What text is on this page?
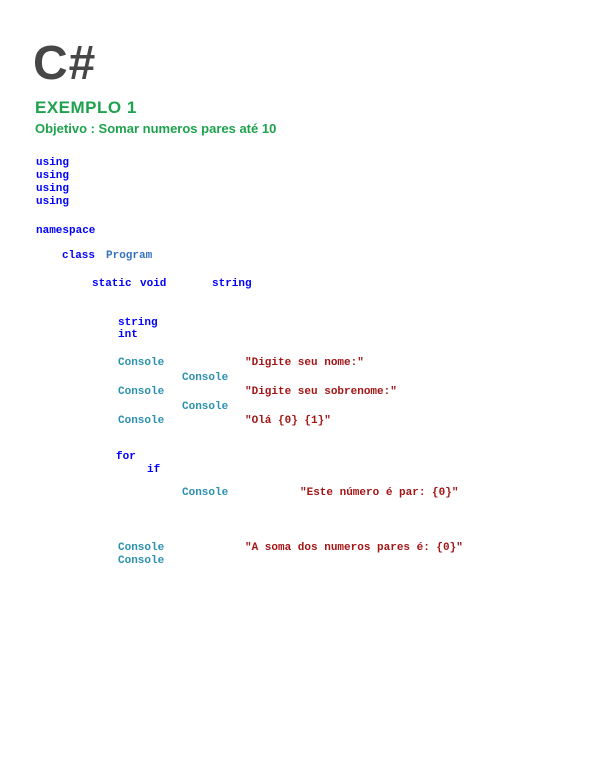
C#
EXEMPLO 1
Objetivo : Somar numeros pares até 10
using
using
using
using
namespace
class Program
static void	string
string
int
Console	"Digite seu nome:"
Console
Console	"Digite seu sobrenome:"
Console
Console	"Olá {0} {1}"
for
if
Console	"Este número é par: {0}"
Console	"A soma dos numeros pares é: {0}"
Console
